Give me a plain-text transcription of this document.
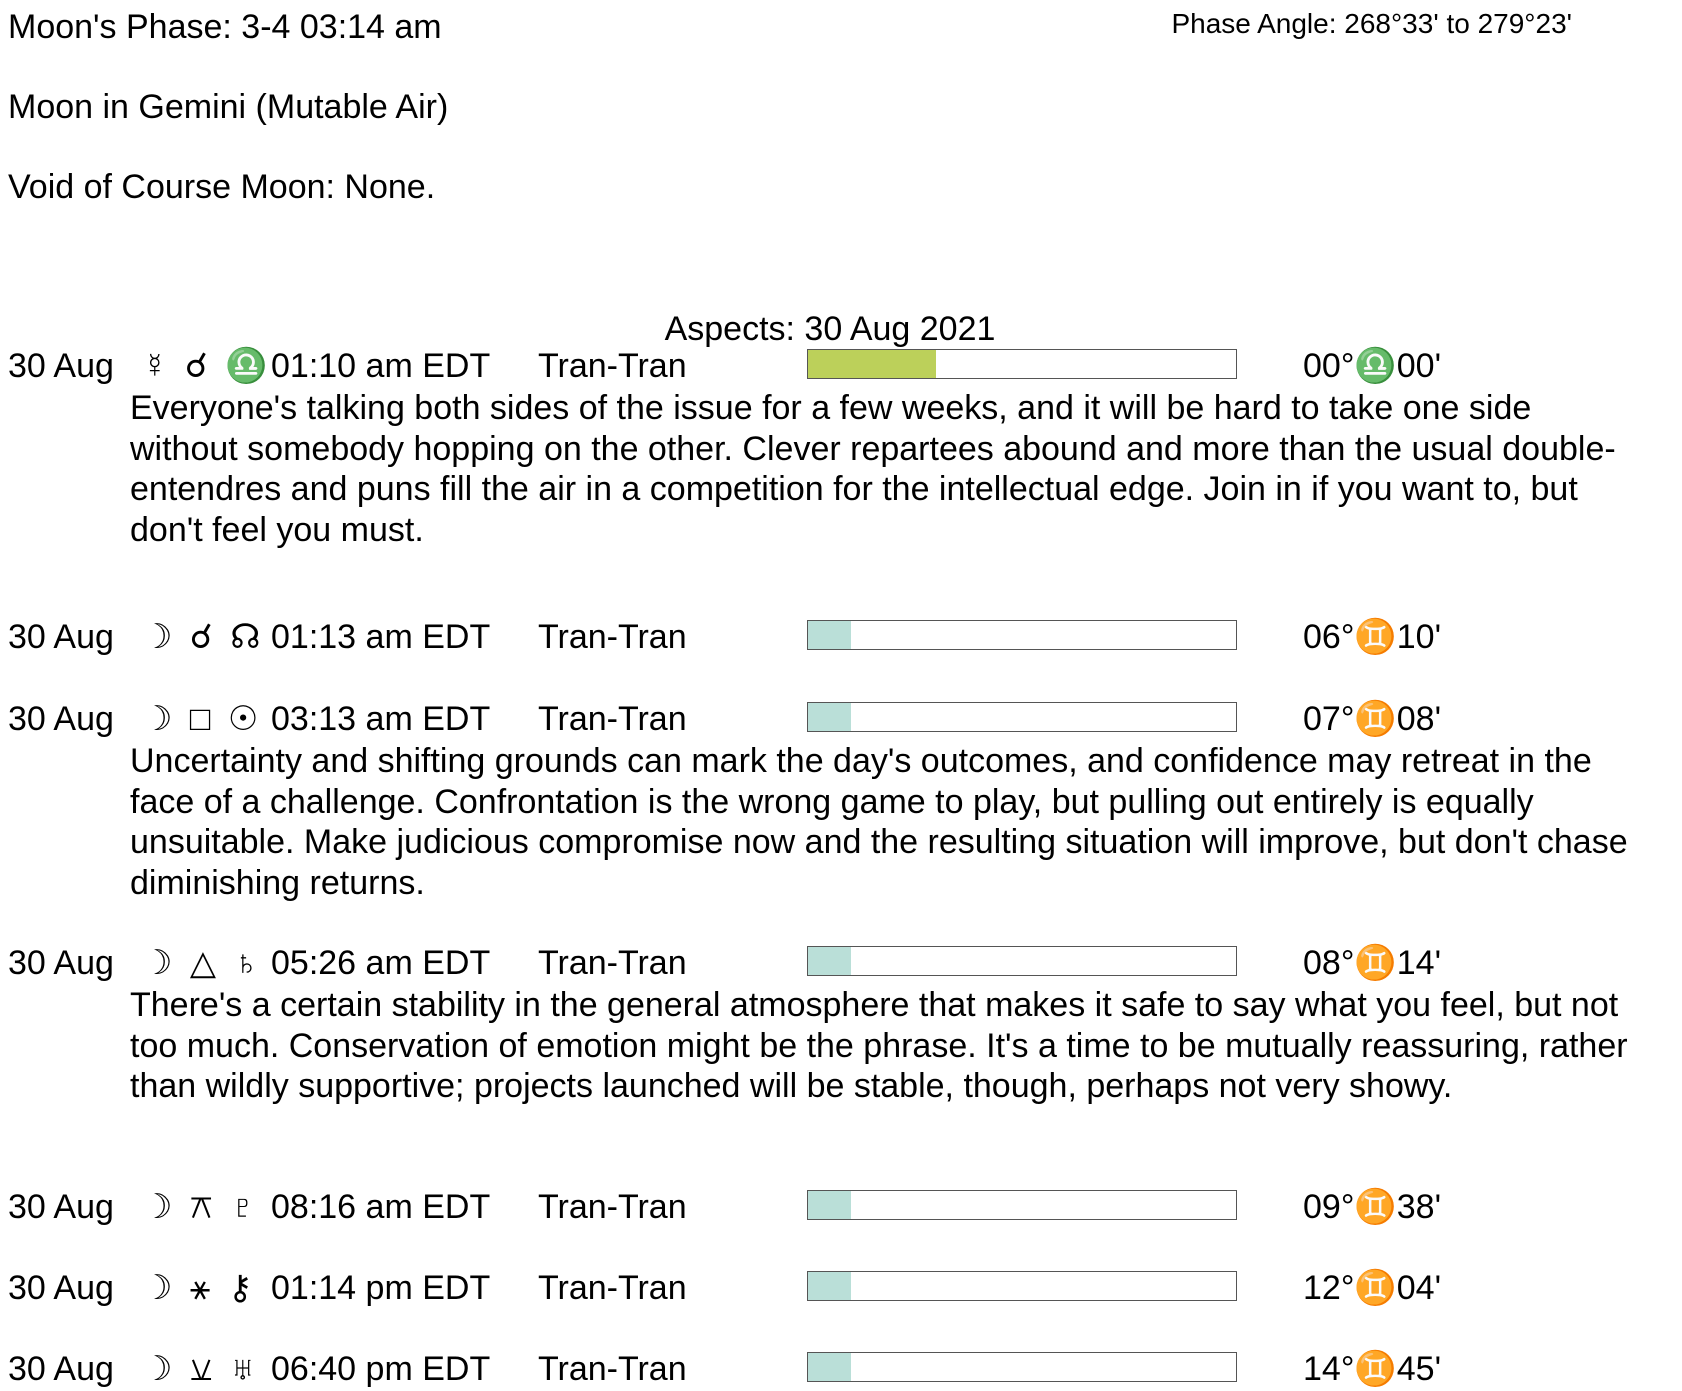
Moon's Phase: 3-4 03:14 am
Moon in Gemini (Mutable Air)
Void of Course Moon: None.
Phase Angle: 268°33' to 279°23'
Aspects: 30 Aug 2021
30 Aug ☿ ☌ ♎ 01:10 am EDT Tran-Tran	00°♎00'
Everyone's talking both sides of the issue for a few weeks, and it will be hard to take one side without somebody hopping on the other. Clever repartees abound and more than the usual double-entendres and puns fill the air in a competition for the intellectual edge. Join in if you want to, but don't feel you must.
30 Aug ☽ ☌ ☊ 01:13 am EDT Tran-Tran	06°♊10'
30 Aug ☽ □ ☉ 03:13 am EDT Tran-Tran	07°♊08'
Uncertainty and shifting grounds can mark the day's outcomes, and confidence may retreat in the face of a challenge. Confrontation is the wrong game to play, but pulling out entirely is equally unsuitable. Make judicious compromise now and the resulting situation will improve, but don't chase diminishing returns.
30 Aug ☽ △ ♄ 05:26 am EDT Tran-Tran	08°♊14'
There's a certain stability in the general atmosphere that makes it safe to say what you feel, but not too much. Conservation of emotion might be the phrase. It's a time to be mutually reassuring, rather than wildly supportive; projects launched will be stable, though, perhaps not very showy.
30 Aug ☽ ⚻ ♇ 08:16 am EDT Tran-Tran	09°♊38'
30 Aug ☽ ⚹ ⚷ 01:14 pm EDT Tran-Tran	12°♊04'
30 Aug ☽ ⚺ ♅ 06:40 pm EDT Tran-Tran	14°♊45'
